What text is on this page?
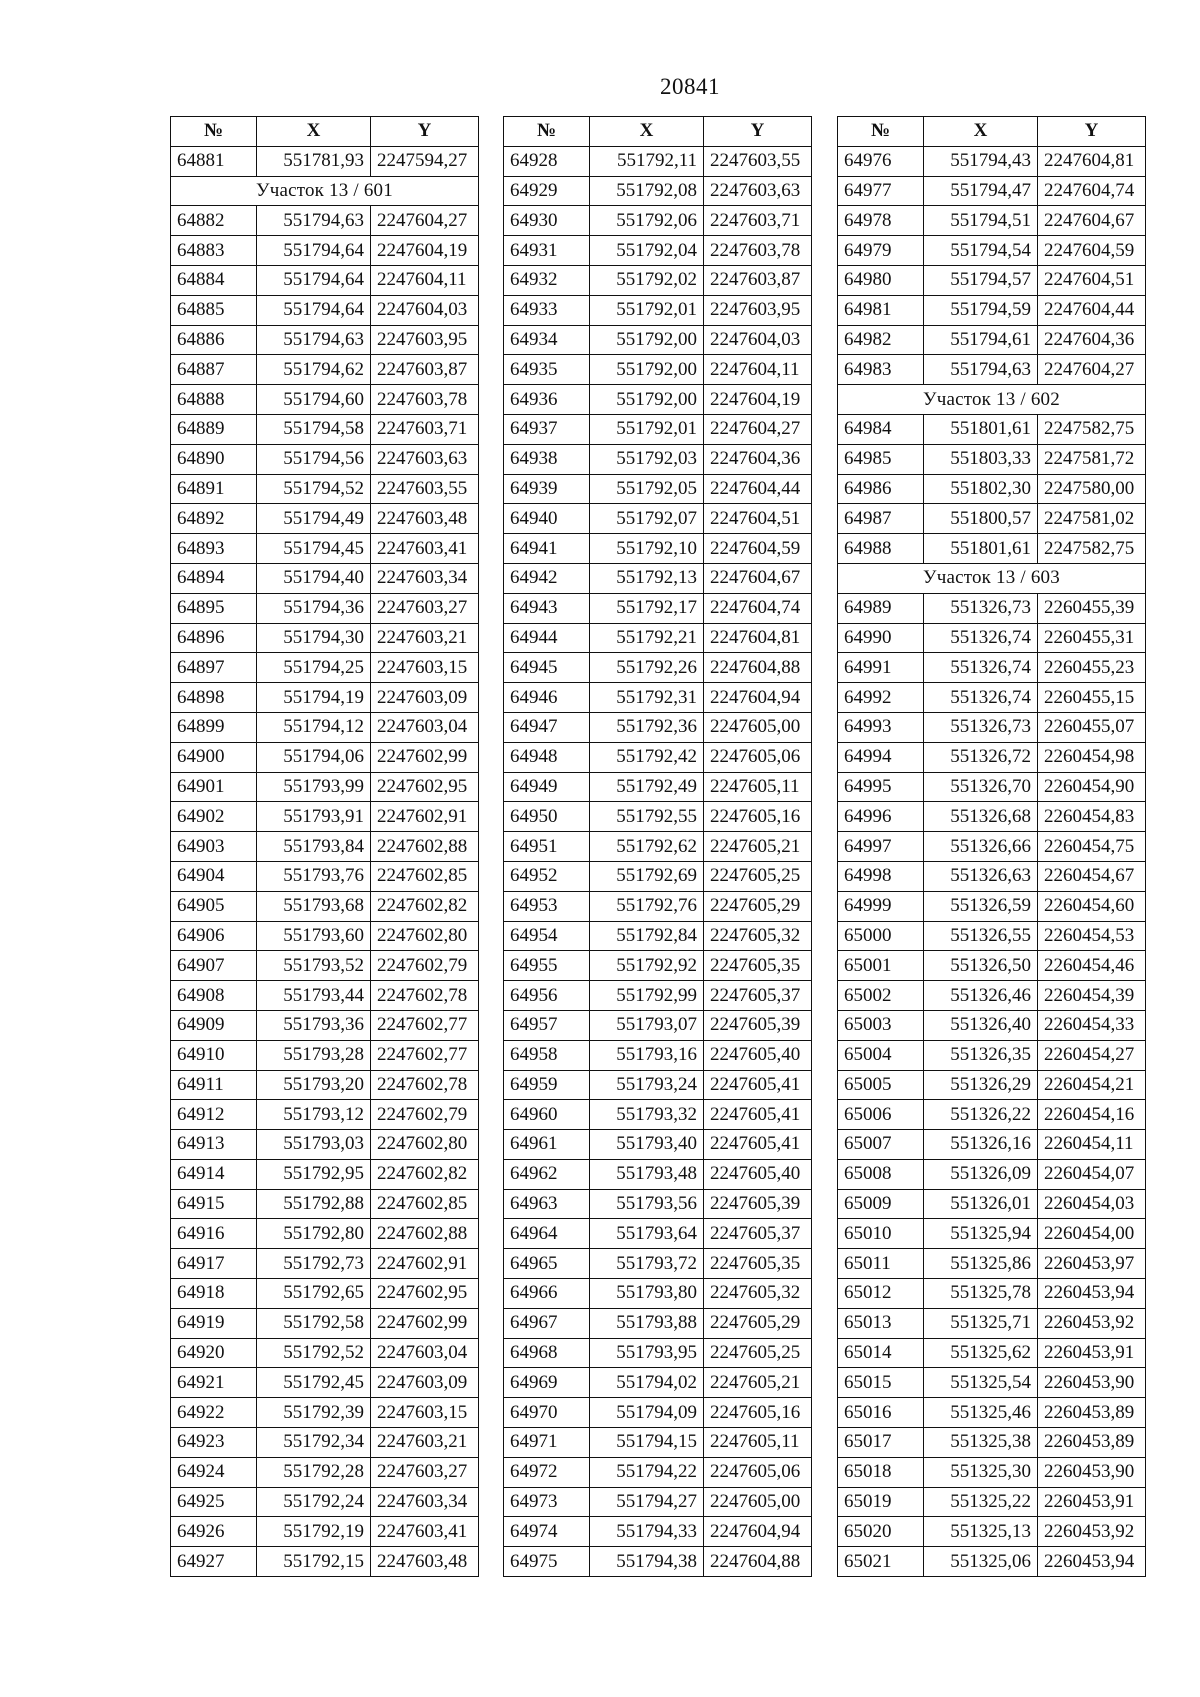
20841
№	X	Y
64881	551781,93	2247594,27
Участок 13 / 601		
64882	551794,63	2247604,27
64883	551794,64	2247604,19
64884	551794,64	2247604,11
64885	551794,64	2247604,03
64886	551794,63	2247603,95
64887	551794,62	2247603,87
64888	551794,60	2247603,78
64889	551794,58	2247603,71
64890	551794,56	2247603,63
64891	551794,52	2247603,55
64892	551794,49	2247603,48
64893	551794,45	2247603,41
64894	551794,40	2247603,34
64895	551794,36	2247603,27
64896	551794,30	2247603,21
64897	551794,25	2247603,15
64898	551794,19	2247603,09
64899	551794,12	2247603,04
64900	551794,06	2247602,99
64901	551793,99	2247602,95
64902	551793,91	2247602,91
64903	551793,84	2247602,88
64904	551793,76	2247602,85
64905	551793,68	2247602,82
64906	551793,60	2247602,80
64907	551793,52	2247602,79
64908	551793,44	2247602,78
64909	551793,36	2247602,77
64910	551793,28	2247602,77
64911	551793,20	2247602,78
64912	551793,12	2247602,79
64913	551793,03	2247602,80
64914	551792,95	2247602,82
64915	551792,88	2247602,85
64916	551792,80	2247602,88
64917	551792,73	2247602,91
64918	551792,65	2247602,95
64919	551792,58	2247602,99
64920	551792,52	2247603,04
64921	551792,45	2247603,09
64922	551792,39	2247603,15
64923	551792,34	2247603,21
64924	551792,28	2247603,27
64925	551792,24	2247603,34
64926	551792,19	2247603,41
64927	551792,15	2247603,48
№	X	Y
64928	551792,11	2247603,55
64929	551792,08	2247603,63
64930	551792,06	2247603,71
64931	551792,04	2247603,78
64932	551792,02	2247603,87
64933	551792,01	2247603,95
64934	551792,00	2247604,03
64935	551792,00	2247604,11
64936	551792,00	2247604,19
64937	551792,01	2247604,27
64938	551792,03	2247604,36
64939	551792,05	2247604,44
64940	551792,07	2247604,51
64941	551792,10	2247604,59
64942	551792,13	2247604,67
64943	551792,17	2247604,74
64944	551792,21	2247604,81
64945	551792,26	2247604,88
64946	551792,31	2247604,94
64947	551792,36	2247605,00
64948	551792,42	2247605,06
64949	551792,49	2247605,11
64950	551792,55	2247605,16
64951	551792,62	2247605,21
64952	551792,69	2247605,25
64953	551792,76	2247605,29
64954	551792,84	2247605,32
64955	551792,92	2247605,35
64956	551792,99	2247605,37
64957	551793,07	2247605,39
64958	551793,16	2247605,40
64959	551793,24	2247605,41
64960	551793,32	2247605,41
64961	551793,40	2247605,41
64962	551793,48	2247605,40
64963	551793,56	2247605,39
64964	551793,64	2247605,37
64965	551793,72	2247605,35
64966	551793,80	2247605,32
64967	551793,88	2247605,29
64968	551793,95	2247605,25
64969	551794,02	2247605,21
64970	551794,09	2247605,16
64971	551794,15	2247605,11
64972	551794,22	2247605,06
64973	551794,27	2247605,00
64974	551794,33	2247604,94
64975	551794,38	2247604,88
№	X	Y
64976	551794,43	2247604,81
64977	551794,47	2247604,74
64978	551794,51	2247604,67
64979	551794,54	2247604,59
64980	551794,57	2247604,51
64981	551794,59	2247604,44
64982	551794,61	2247604,36
64983	551794,63	2247604,27
Участок 13 / 602		
64984	551801,61	2247582,75
64985	551803,33	2247581,72
64986	551802,30	2247580,00
64987	551800,57	2247581,02
64988	551801,61	2247582,75
Участок 13 / 603		
64989	551326,73	2260455,39
64990	551326,74	2260455,31
64991	551326,74	2260455,23
64992	551326,74	2260455,15
64993	551326,73	2260455,07
64994	551326,72	2260454,98
64995	551326,70	2260454,90
64996	551326,68	2260454,83
64997	551326,66	2260454,75
64998	551326,63	2260454,67
64999	551326,59	2260454,60
65000	551326,55	2260454,53
65001	551326,50	2260454,46
65002	551326,46	2260454,39
65003	551326,40	2260454,33
65004	551326,35	2260454,27
65005	551326,29	2260454,21
65006	551326,22	2260454,16
65007	551326,16	2260454,11
65008	551326,09	2260454,07
65009	551326,01	2260454,03
65010	551325,94	2260454,00
65011	551325,86	2260453,97
65012	551325,78	2260453,94
65013	551325,71	2260453,92
65014	551325,62	2260453,91
65015	551325,54	2260453,90
65016	551325,46	2260453,89
65017	551325,38	2260453,89
65018	551325,30	2260453,90
65019	551325,22	2260453,91
65020	551325,13	2260453,92
65021	551325,06	2260453,94
